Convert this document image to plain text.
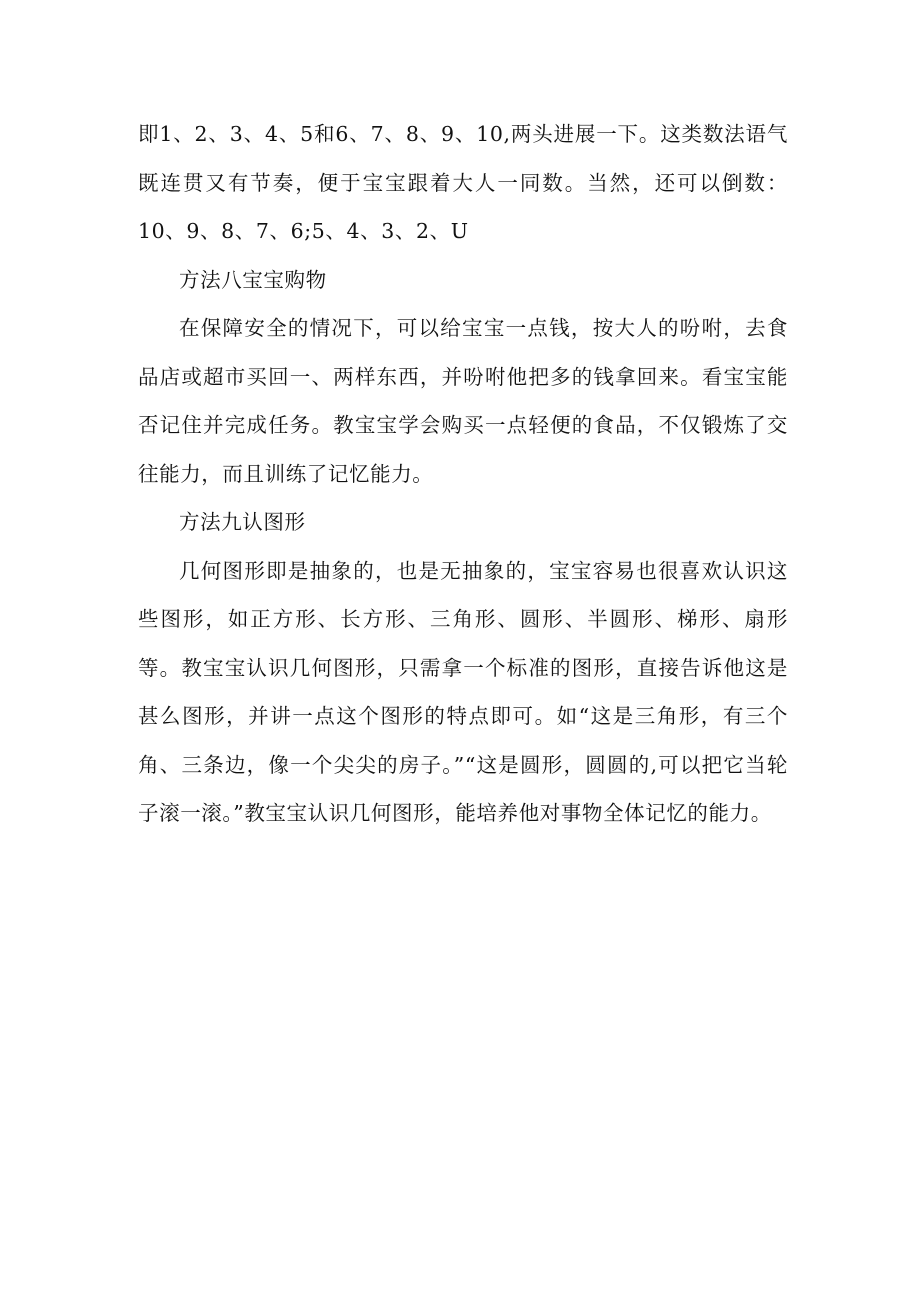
即1、2、3、4、5和6、7、8、9、10,两头进展一下。这类数法语气既连贯又有节奏，便于宝宝跟着大人一同数。当然，还可以倒数：10、9、8、7、6;5、4、3、2、U

方法八宝宝购物

在保障安全的情况下，可以给宝宝一点钱，按大人的吩咐，去食品店或超市买回一、两样东西，并吩咐他把多的钱拿回来。看宝宝能否记住并完成任务。教宝宝学会购买一点轻便的食品，不仅锻炼了交往能力，而且训练了记忆能力。

方法九认图形

几何图形即是抽象的，也是无抽象的，宝宝容易也很喜欢认识这些图形，如正方形、长方形、三角形、圆形、半圆形、梯形、扇形等。教宝宝认识几何图形，只需拿一个标准的图形，直接告诉他这是甚么图形，并讲一点这个图形的特点即可。如“这是三角形，有三个角、三条边，像一个尖尖的房子。”“这是圆形，圆圆的,可以把它当轮子滚一滚。”教宝宝认识几何图形，能培养他对事物全体记忆的能力。
